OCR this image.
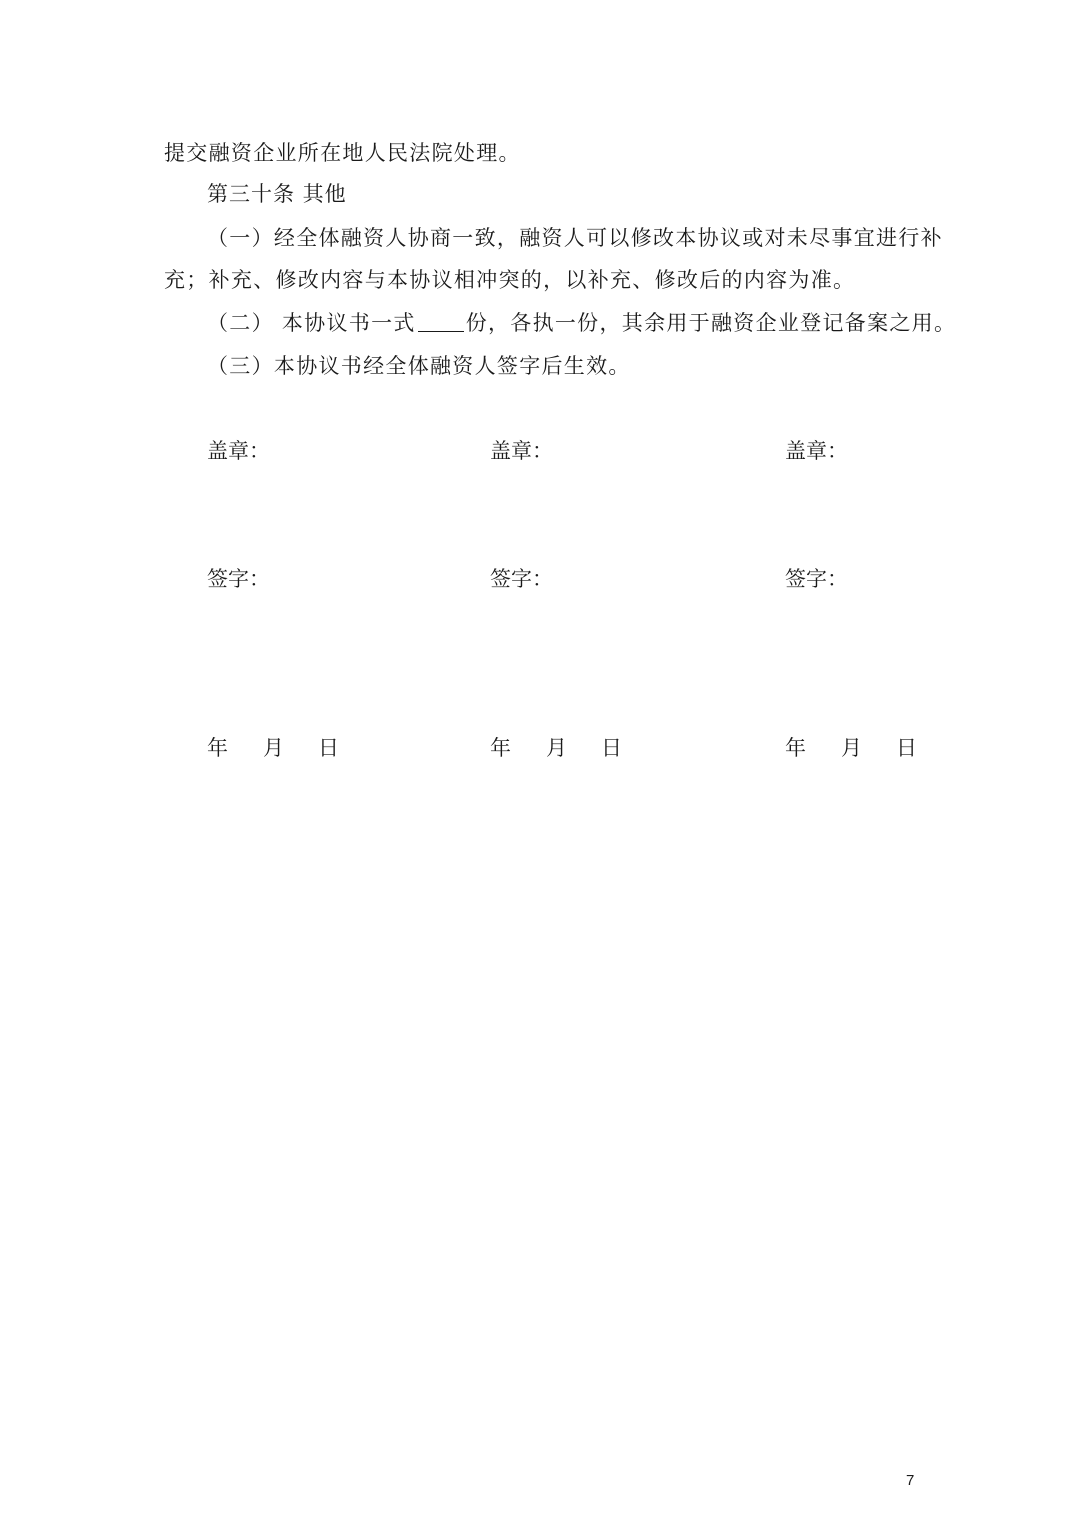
提交融资企业所在地人民法院处理。
第三十条 其他
（一）经全体融资人协商一致，融资人可以修改本协议或对未尽事宜进行补
充；补充、修改内容与本协议相冲突的，以补充、修改后的内容为准。
（二） 本协议书一式 份，各执一份，其余用于融资企业登记备案之用。
（三）本协议书经全体融资人签字后生效。
盖章：	盖章：	盖章：
签字：	签字：	签字：
年 月 日	年 月 日	年 月 日
7
